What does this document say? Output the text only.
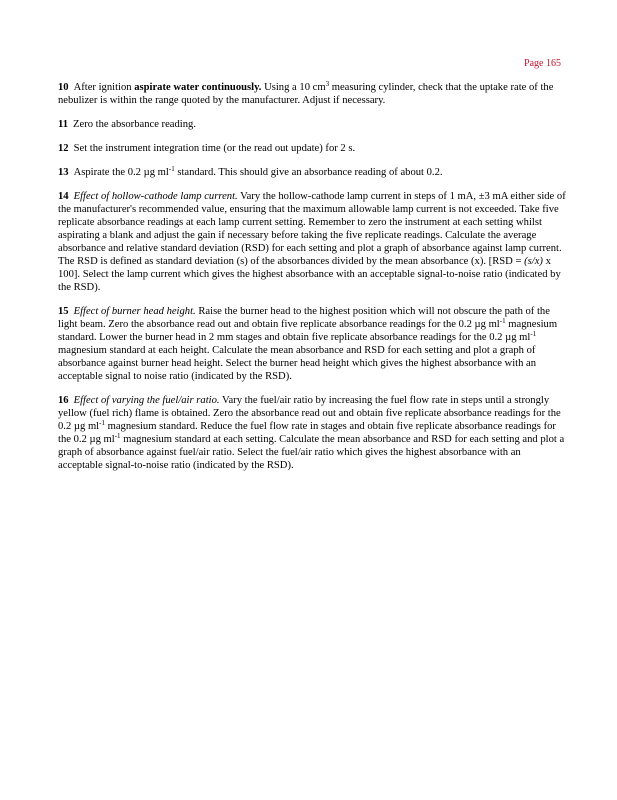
Page 165

10 After ignition aspirate water continuously. Using a 10 $cm^3$ measuring cylinder, check that the uptake rate of the nebulizer is within the range quoted by the manufacturer. Adjust if necessary.

11 Zero the absorbance reading.

12 Set the instrument integration time (or the read out update) for 2 s.

13 Aspirate the 0.2 µg $ml^{-1}$ standard. This should give an absorbance reading of about 0.2.

14 Effect of hollow-cathode lamp current. Vary the hollow-cathode lamp current in steps of 1 mA, ±3 mA either side of the manufacturer's recommended value, ensuring that the maximum allowable lamp current is not exceeded. Take five replicate absorbance readings at each lamp current setting. Remember to zero the instrument at each setting whilst aspirating a blank and adjust the gain if necessary before taking the five replicate readings. Calculate the average absorbance and relative standard deviation (RSD) for each setting and plot a graph of absorbance against lamp current. The RSD is defined as standard deviation (s) of the absorbances divided by the mean absorbance (x). [RSD = (s/x) x 100]. Select the lamp current which gives the highest absorbance with an acceptable signal-to-noise ratio (indicated by the RSD).

15 Effect of burner head height. Raise the burner head to the highest position which will not obscure the path of the light beam. Zero the absorbance read out and obtain five replicate absorbance readings for the 0.2 µg $ml^{-1}$ magnesium standard. Lower the burner head in 2 mm stages and obtain five replicate absorbance readings for the 0.2 µg $ml^{-1}$ magnesium standard at each height. Calculate the mean absorbance and RSD for each setting and plot a graph of absorbance against burner head height. Select the burner head height which gives the highest absorbance with an acceptable signal to noise ratio (indicated by the RSD).

16 Effect of varying the fuel/air ratio. Vary the fuel/air ratio by increasing the fuel flow rate in steps until a strongly yellow (fuel rich) flame is obtained. Zero the absorbance read out and obtain five replicate absorbance readings for the 0.2 µg $ml^{-1}$ magnesium standard. Reduce the fuel flow rate in stages and obtain five replicate absorbance readings for the 0.2 µg $ml^{-1}$ magnesium standard at each setting. Calculate the mean absorbance and RSD for each setting and plot a graph of absorbance against fuel/air ratio. Select the fuel/air ratio which gives the highest absorbance with an acceptable signal-to-noise ratio (indicated by the RSD).
